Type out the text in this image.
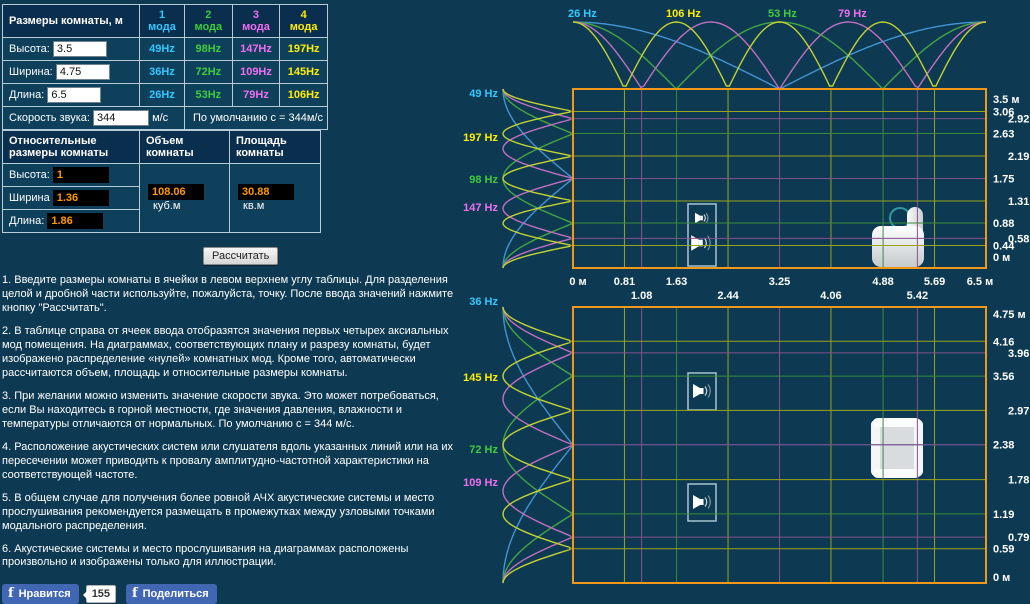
26 Hz	53 Hz	79 Hz
106 Hz
49 Hz
98 Hz
147 Hz
197 Hz
36 Hz
72 Hz
109 Hz
145 Hz
3.5 м
0 м
3.06
2.92
2.63
2.19
1.75
1.31
0.88
0.58
0.44
0 м	6.5 м
0.81
1.08
1.63
2.44
3.25
4.06
4.88
5.42
5.69
4.75 м
0 м
4.16
3.96
3.56
2.97
2.38
1.78
1.19
0.79
0.59
Размеры комнаты, м	1 мода	2 мода	3 мода	4 мода
Высота: 3.5	49Hz	98Hz	147Hz	197Hz
Ширина: 4.75	36Hz	72Hz	109Hz	145Hz
Длина: 6.5	26Hz	53Hz	79Hz	106Hz
Скорость звука: 344 м/с		По умолчанию с = 344м/с		
Относительные размеры комнаты	Объем комнаты	Площадь комнаты
Высота: 1	108.06куб.м	30.88кв.м
Ширина 1.36		
Длина: 1.86		
Рассчитать

1. Введите размеры комнаты в ячейки в левом верхнем углу таблицы. Для разделения целой и дробной части используйте, пожалуйста, точку. После ввода значений нажмите кнопку "Рассчитать".

2. В таблице справа от ячеек ввода отобразятся значения первых четырех аксиальных мод помещения. На диаграммах, соответствующих плану и разрезу комнаты, будет изображено распределение «нулей» комнатных мод. Кроме того, автоматически рассчитаются объем, площадь и относительные размеры комнаты.

3. При желании можно изменить значение скорости звука. Это может потребоваться, если Вы находитесь в горной местности, где значения давления, влажности и температуры отличаются от нормальных. По умолчанию с = 344 м/с.

4. Расположение акустических систем или слушателя вдоль указанных линий или на их пересечении может приводить к провалу амплитудно-частотной характеристики на соответствующей частоте.

5. В общем случае для получения более ровной АЧХ акустические системы и место прослушивания рекомендуется размещать в промежутках между узловыми точками модального распределения.

6. Акустические системы и место прослушивания на диаграммах расположены произвольно и изображены только для иллюстрации.

f Нравится	155	f Поделиться
